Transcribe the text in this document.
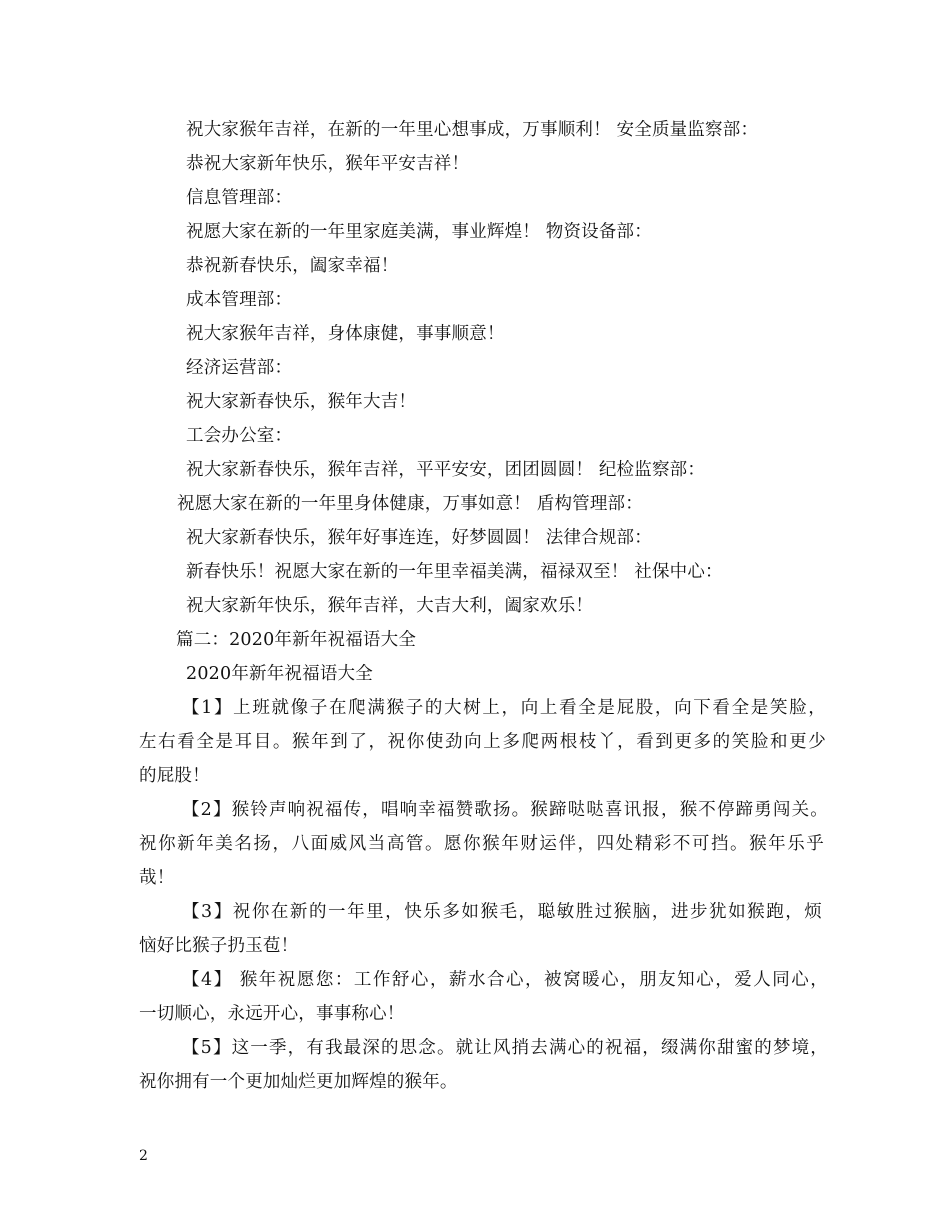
祝大家猴年吉祥，在新的一年里心想事成，万事顺利！ 安全质量监察部：
恭祝大家新年快乐，猴年平安吉祥！
信息管理部：
祝愿大家在新的一年里家庭美满，事业辉煌！ 物资设备部：
恭祝新春快乐，阖家幸福！
成本管理部：
祝大家猴年吉祥，身体康健，事事顺意！
经济运营部：
祝大家新春快乐，猴年大吉！
工会办公室：
祝大家新春快乐，猴年吉祥，平平安安，团团圆圆！ 纪检监察部：
祝愿大家在新的一年里身体健康，万事如意！ 盾构管理部：
祝大家新春快乐，猴年好事连连，好梦圆圆！ 法律合规部：
新春快乐！祝愿大家在新的一年里幸福美满，福禄双至！ 社保中心：
祝大家新年快乐，猴年吉祥，大吉大利，阖家欢乐！
篇二：2020年新年祝福语大全
2020年新年祝福语大全
【1】上班就像子在爬满猴子的大树上，向上看全是屁股，向下看全是笑脸，
左右看全是耳目。猴年到了，祝你使劲向上多爬两根枝丫，看到更多的笑脸和更少
的屁股！
【2】猴铃声响祝福传，唱响幸福赞歌扬。猴蹄哒哒喜讯报，猴不停蹄勇闯关。
祝你新年美名扬，八面威风当高管。愿你猴年财运伴，四处精彩不可挡。猴年乐乎
哉！
【3】祝你在新的一年里，快乐多如猴毛，聪敏胜过猴脑，进步犹如猴跑，烦
恼好比猴子扔玉苞！
【4】 猴年祝愿您：工作舒心，薪水合心，被窝暖心，朋友知心，爱人同心，
一切顺心，永远开心，事事称心！
【5】这一季，有我最深的思念。就让风捎去满心的祝福，缀满你甜蜜的梦境，
祝你拥有一个更加灿烂更加辉煌的猴年。
2
